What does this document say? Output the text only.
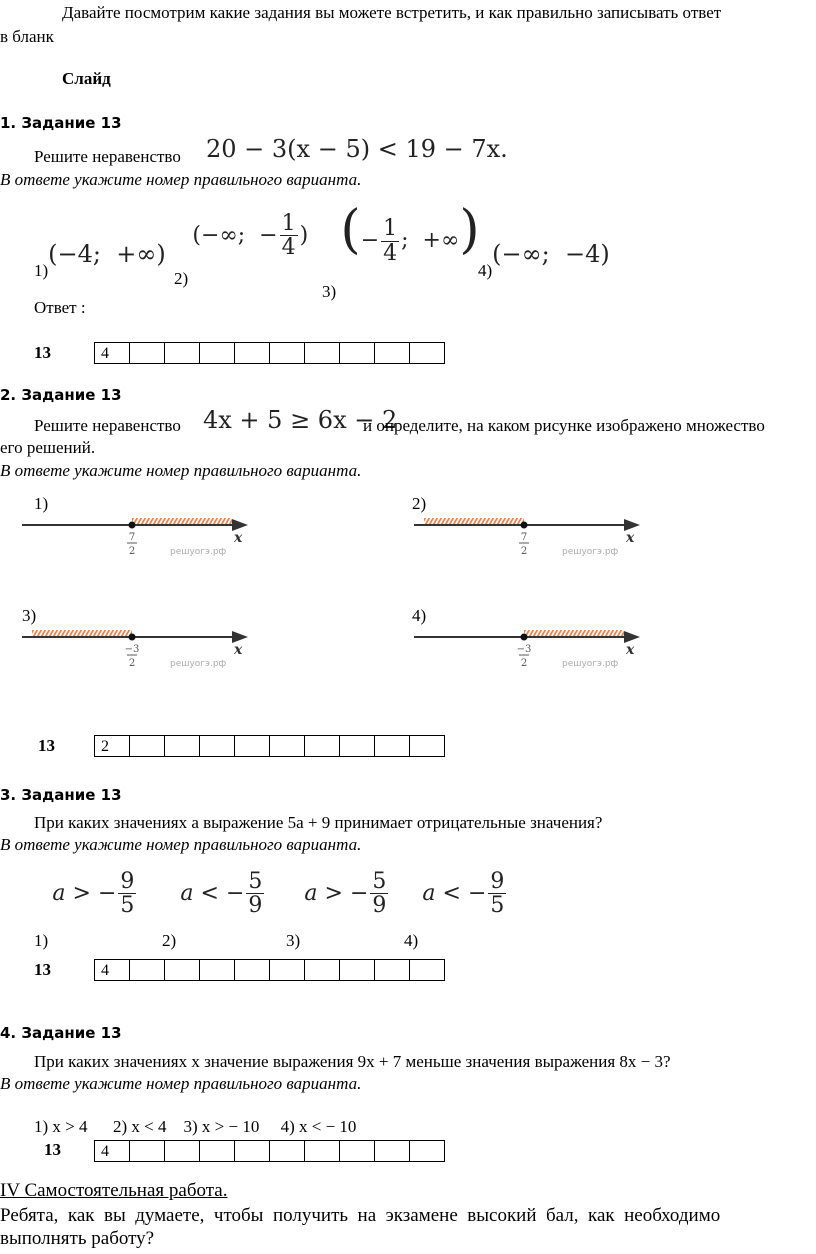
Давайте посмотрим какие задания вы можете встретить, и как правильно записывать ответ
в бланк
Слайд
1. Задание 13
Решите неравенство 20 − 3(x − 5) < 19 − 7x.
В ответе укажите номер правильного варианта.
1)(−4;  +∞)
2) (−∞;  − $\frac{1}{4}$ )
3) (− $\frac{1}{4}$ ;  +∞)
4)(−∞;  −4)
Ответ :
13	4
2. Задание 13
Решите неравенство 4x + 5 ≥ 6x − 2
и определите, на каком рисунке изображено множество
его решений.
В ответе укажите номер правильного варианта.
1)
7
2
x
решуогэ.рф
2)
7
2
x
решуогэ.рф
3)
−3
2
x
решуогэ.рф
4)
−3
2
x
решуогэ.рф
13	2
3. Задание 13
При каких значениях a выражение 5a + 9 принимает отрицательные значения?
В ответе укажите номер правильного варианта.
1) a > − $\frac{9}{5}$
2) a < − $\frac{5}{9}$
3) a > − $\frac{5}{9}$
4) a < − $\frac{9}{5}$
13	4
4. Задание 13
При каких значениях x значение выражения 9x + 7 меньше значения выражения 8x − 3?
В ответе укажите номер правильного варианта.
1) x > 4      2) x < 4    3) x > − 10     4) x < − 10
13	4
IV Самостоятельная работа.
Ребята,  как  вы  думаете,  чтобы  получить  на  экзамене  высокий  бал,  как  необходимо
выполнять работу?
